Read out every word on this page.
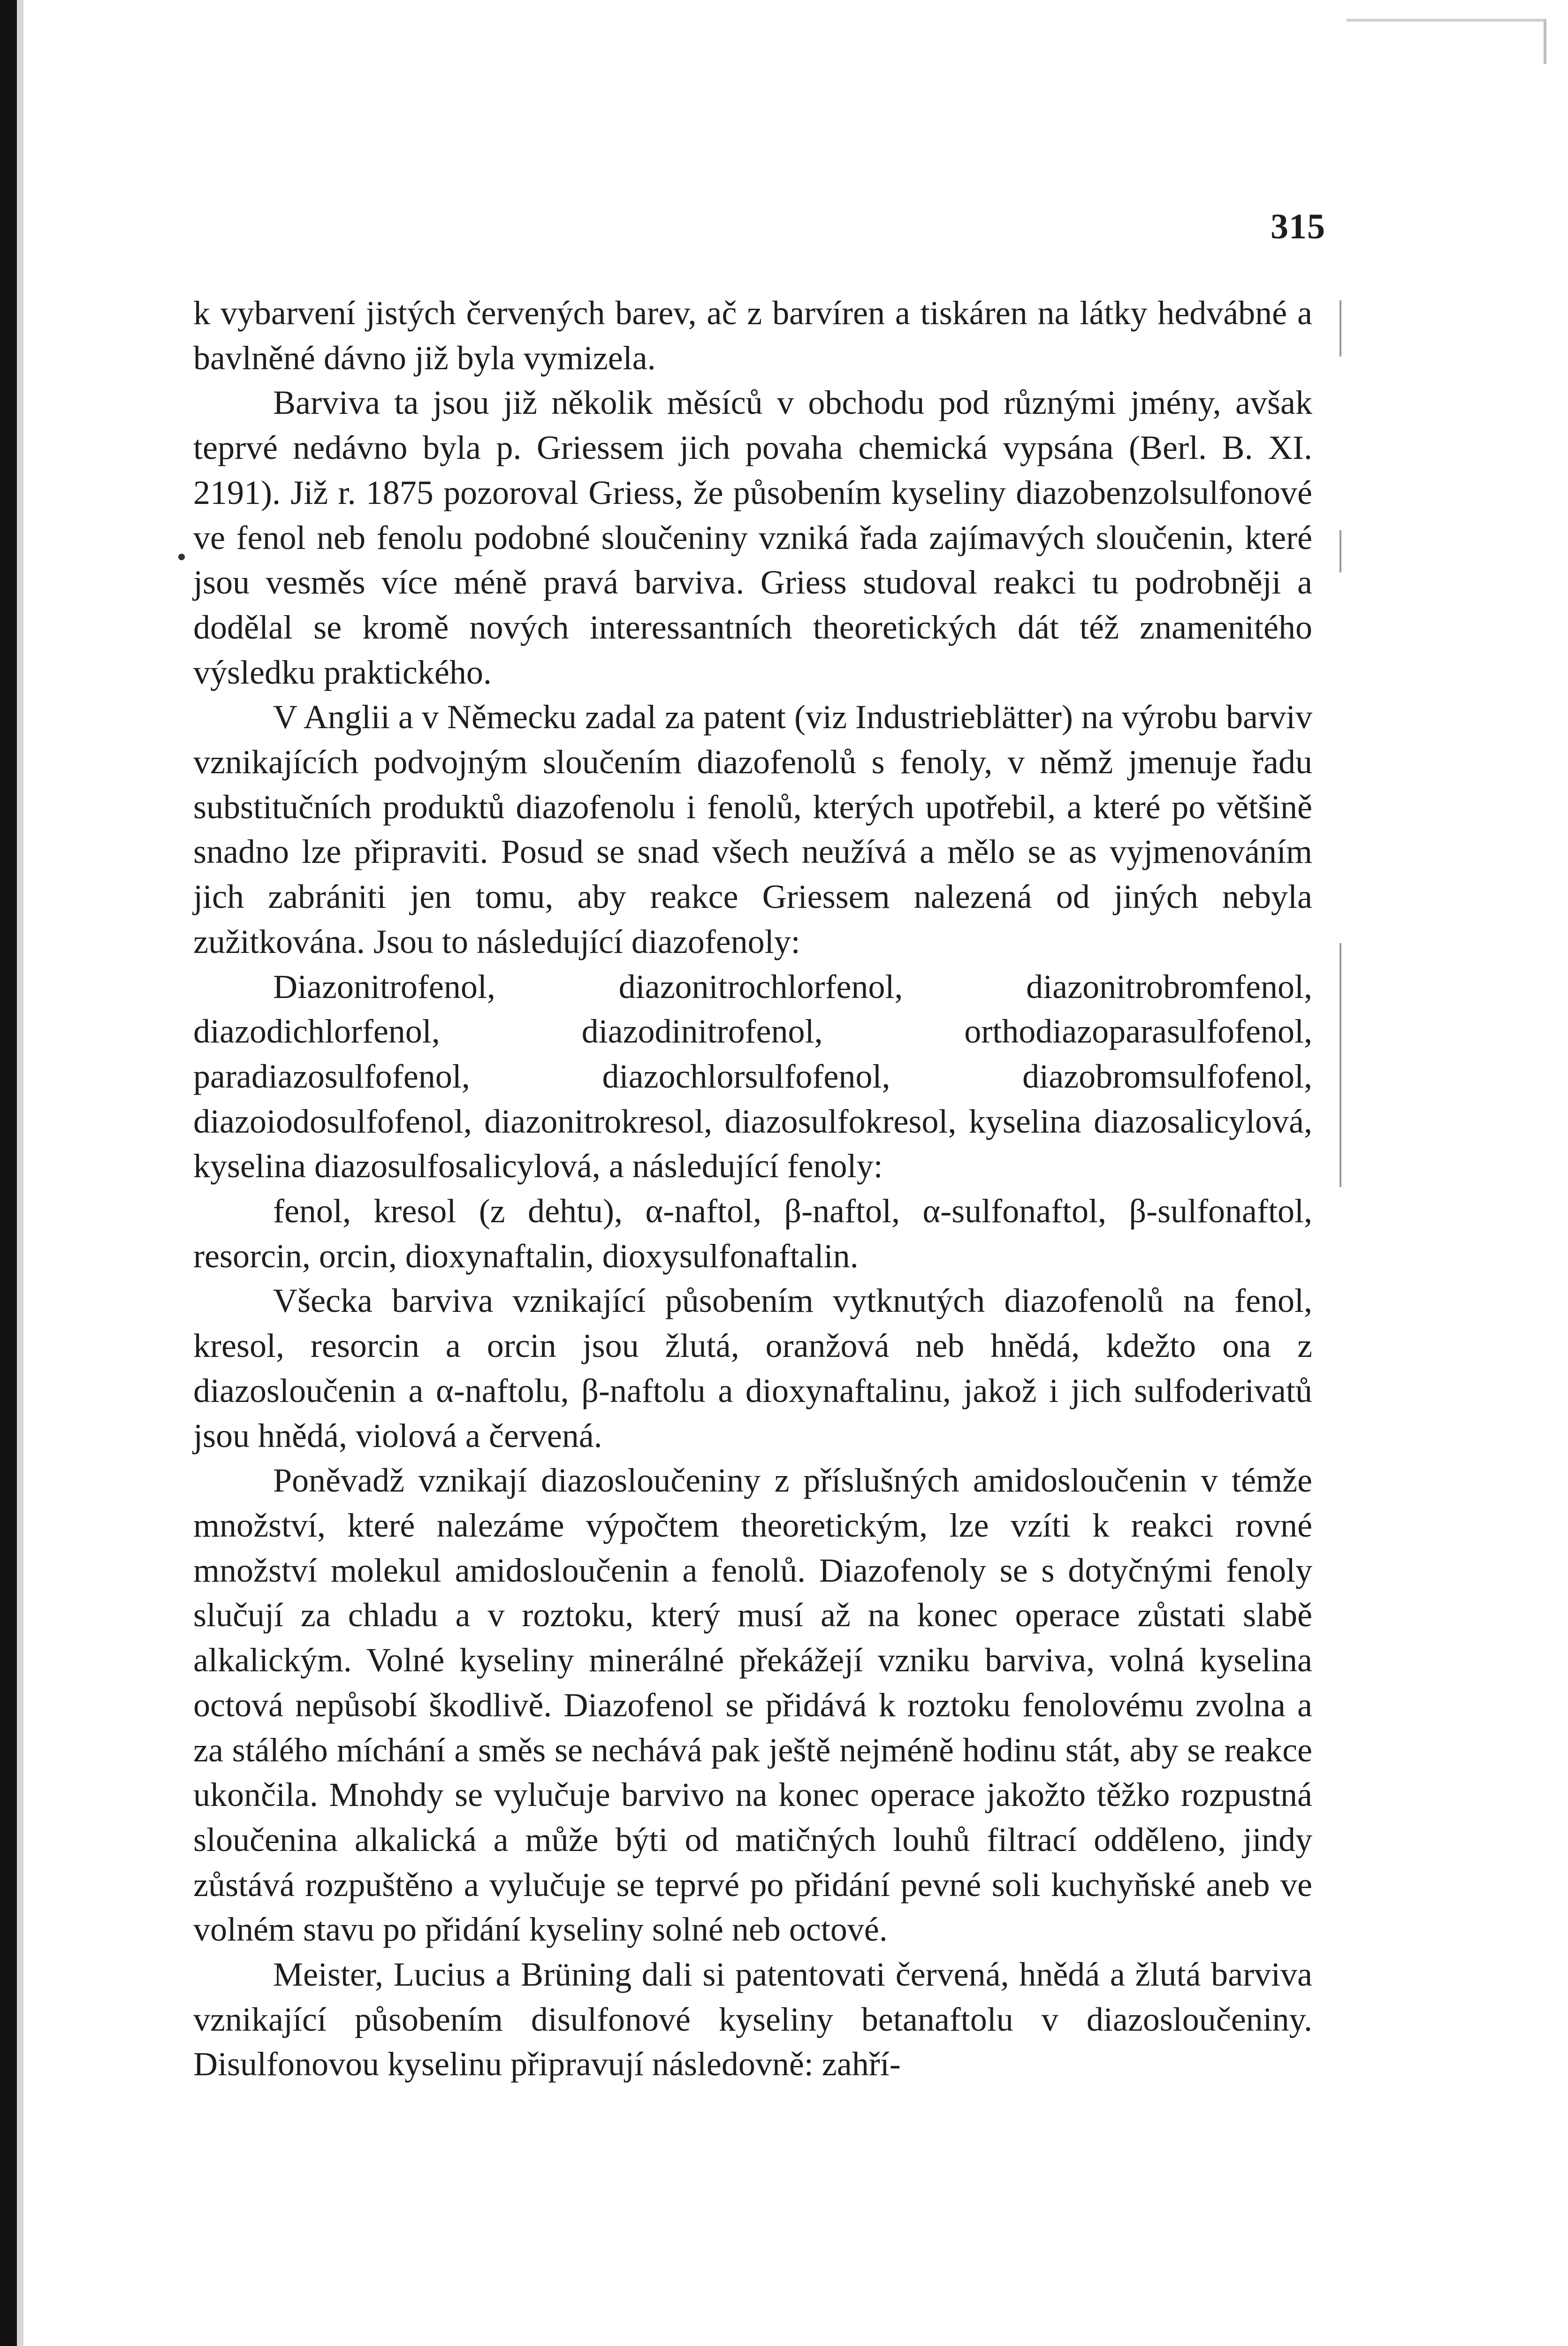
315

k vybarvení jistých červených barev, ač z barvíren a tiskáren na látky hedvábné a bavlněné dávno již byla vymizela.

Barviva ta jsou již několik měsíců v obchodu pod různými jmény, avšak teprvé nedávno byla p. Griessem jich povaha chemická vypsána (Berl. B. XI. 2191). Již r. 1875 pozoroval Griess, že působením kyseliny diazobenzolsulfonové ve fenol neb fenolu podobné sloučeniny vzniká řada zajímavých sloučenin, které jsou vesměs více méně pravá barviva. Griess studoval reakci tu podrobněji a dodělal se kromě nových interessantních theoretických dát též znamenitého výsledku praktického.

V Anglii a v Německu zadal za patent (viz Industrieblätter) na výrobu barviv vznikajících podvojným sloučením diazofenolů s fenoly, v němž jmenuje řadu substitučních produktů diazofenolu i fenolů, kterých upotřebil, a které po většině snadno lze připraviti. Posud se snad všech neužívá a mělo se as vyjmenováním jich zabrániti jen tomu, aby reakce Griessem nalezená od jiných nebyla zužitkována. Jsou to následující diazofenoly:

Diazonitrofenol, diazonitrochlorfenol, diazonitrobromfenol, diazodichlorfenol, diazodinitrofenol, orthodiazoparasulfofenol, paradiazosulfofenol, diazochlorsulfofenol, diazobromsulfofenol, diazoiodosulfofenol, diazonitrokresol, diazosulfokresol, kyselina diazosalicylová, kyselina diazosulfosalicylová, a následující fenoly:

fenol, kresol (z dehtu), α-naftol, β-naftol, α-sulfonaftol, β-sulfonaftol, resorcin, orcin, dioxynaftalin, dioxysulfonaftalin.

Všecka barviva vznikající působením vytknutých diazofenolů na fenol, kresol, resorcin a orcin jsou žlutá, oranžová neb hnědá, kdežto ona z diazosloučenin a α-naftolu, β-naftolu a dioxynaftalinu, jakož i jich sulfoderivatů jsou hnědá, violová a červená.

Poněvadž vznikají diazosloučeniny z příslušných amidosloučenin v témže množství, které nalezáme výpočtem theoretickým, lze vzíti k reakci rovné množství molekul amidosloučenin a fenolů. Diazofenoly se s dotyčnými fenoly slučují za chladu a v roztoku, který musí až na konec operace zůstati slabě alkalickým. Volné kyseliny minerálné překážejí vzniku barviva, volná kyselina octová nepůsobí škodlivě. Diazofenol se přidává k roztoku fenolovému zvolna a za stálého míchání a směs se nechává pak ještě nejméně hodinu stát, aby se reakce ukončila. Mnohdy se vylučuje barvivo na konec operace jakožto těžko rozpustná sloučenina alkalická a může býti od matičných louhů filtrací odděleno, jindy zůstává rozpuštěno a vylučuje se teprvé po přidání pevné soli kuchyňské aneb ve volném stavu po přidání kyseliny solné neb octové.

Meister, Lucius a Brüning dali si patentovati červená, hnědá a žlutá barviva vznikající působením disulfonové kyseliny betanaftolu v diazosloučeniny. Disulfonovou kyselinu připravují následovně: zahří-
